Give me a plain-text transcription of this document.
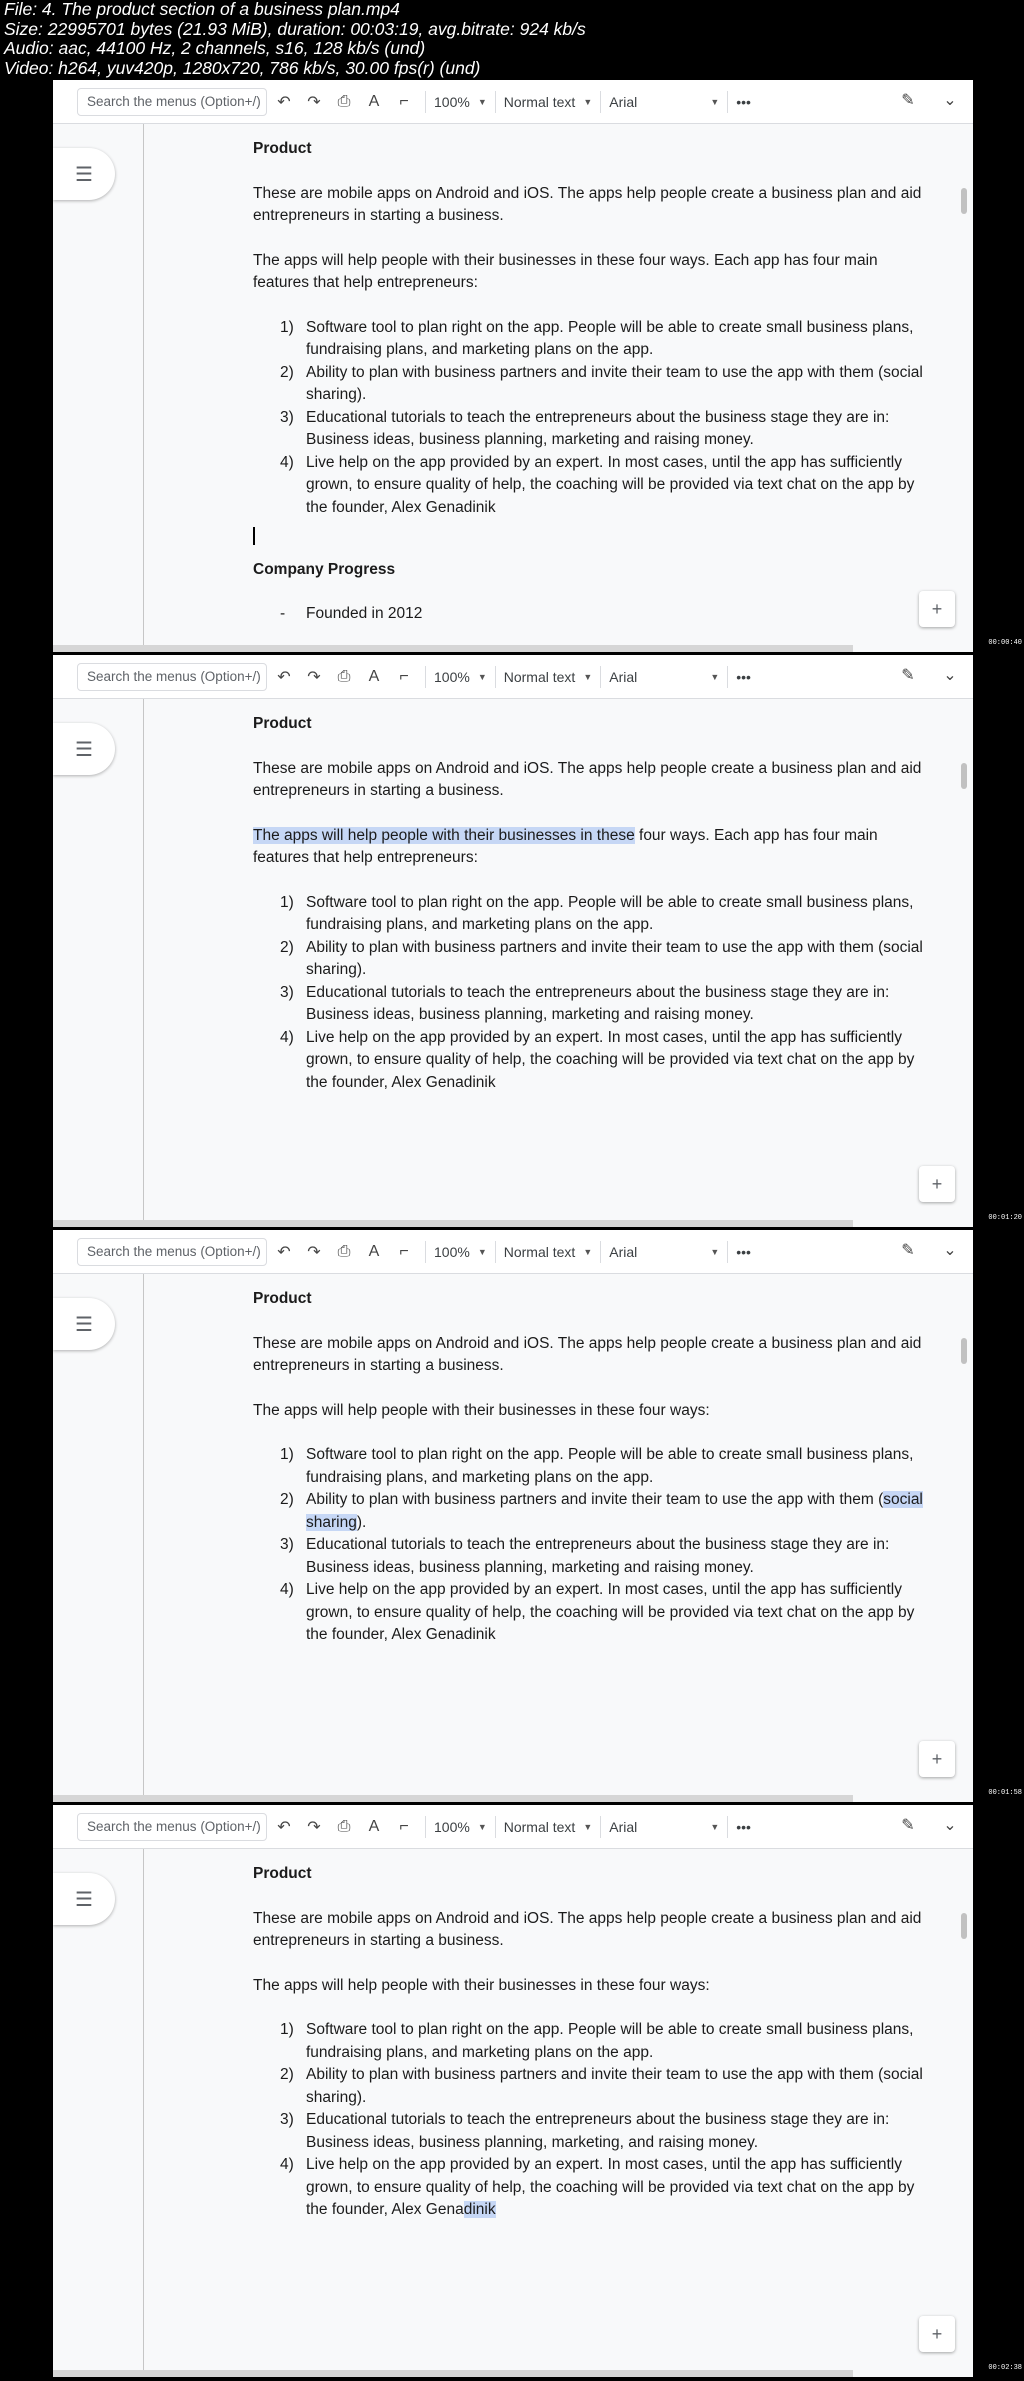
File: 4. The product section of a business plan.mp4
Size: 22995701 bytes (21.93 MiB), duration: 00:03:19, avg.bitrate: 924 kb/s
Audio: aac, 44100 Hz, 2 channels, s16, 128 kb/s (und)
Video: h264, yuv420p, 1280x720, 786 kb/s, 30.00 fps(r) (und)
Search the menus (Option+/)	↶	↷	⎙	A	⌐	100% ▼ Normal text ▼ Arial	▼ •••	✎	⌄
☰
+
Product

These are mobile apps on Android and iOS. The apps help people create a business plan and aid entrepreneurs in starting a business.

The apps will help people with their businesses in these four ways. Each app has four main features that help entrepreneurs:

1) Software tool to plan right on the app. People will be able to create small business plans, fundraising plans, and marketing plans on the app.
2) Ability to plan with business partners and invite their team to use the app with them (social sharing).
3) Educational tutorials to teach the entrepreneurs about the business stage they are in: Business ideas, business planning, marketing and raising money.
4) Live help on the app provided by an expert. In most cases, until the app has sufficiently grown, to ensure quality of help, the coaching will be provided via text chat on the app by the founder, Alex Genadinik
Company Progress
- Founded in 2012
00:00:40
Search the menus (Option+/)	↶	↷	⎙	A	⌐	100% ▼ Normal text ▼ Arial	▼ •••	✎	⌄
☰
+
Product

These are mobile apps on Android and iOS. The apps help people create a business plan and aid entrepreneurs in starting a business.

The apps will help people with their businesses in these four ways. Each app has four main features that help entrepreneurs:

1) Software tool to plan right on the app. People will be able to create small business plans, fundraising plans, and marketing plans on the app.
2) Ability to plan with business partners and invite their team to use the app with them (social sharing).
3) Educational tutorials to teach the entrepreneurs about the business stage they are in: Business ideas, business planning, marketing and raising money.
4) Live help on the app provided by an expert. In most cases, until the app has sufficiently grown, to ensure quality of help, the coaching will be provided via text chat on the app by the founder, Alex Genadinik
00:01:20
Search the menus (Option+/)	↶	↷	⎙	A	⌐	100% ▼ Normal text ▼ Arial	▼ •••	✎	⌄
☰
+
Product

These are mobile apps on Android and iOS. The apps help people create a business plan and aid entrepreneurs in starting a business.

The apps will help people with their businesses in these four ways:

1) Software tool to plan right on the app. People will be able to create small business plans, fundraising plans, and marketing plans on the app.
2) Ability to plan with business partners and invite their team to use the app with them (social sharing).
3) Educational tutorials to teach the entrepreneurs about the business stage they are in: Business ideas, business planning, marketing and raising money.
4) Live help on the app provided by an expert. In most cases, until the app has sufficiently grown, to ensure quality of help, the coaching will be provided via text chat on the app by the founder, Alex Genadinik
00:01:58
Search the menus (Option+/)	↶	↷	⎙	A	⌐	100% ▼ Normal text ▼ Arial	▼ •••	✎	⌄
☰
+
Product

These are mobile apps on Android and iOS. The apps help people create a business plan and aid entrepreneurs in starting a business.

The apps will help people with their businesses in these four ways:

1) Software tool to plan right on the app. People will be able to create small business plans, fundraising plans, and marketing plans on the app.
2) Ability to plan with business partners and invite their team to use the app with them (social sharing).
3) Educational tutorials to teach the entrepreneurs about the business stage they are in: Business ideas, business planning, marketing, and raising money.
4) Live help on the app provided by an expert. In most cases, until the app has sufficiently grown, to ensure quality of help, the coaching will be provided via text chat on the app by the founder, Alex Genadinik
00:02:38
